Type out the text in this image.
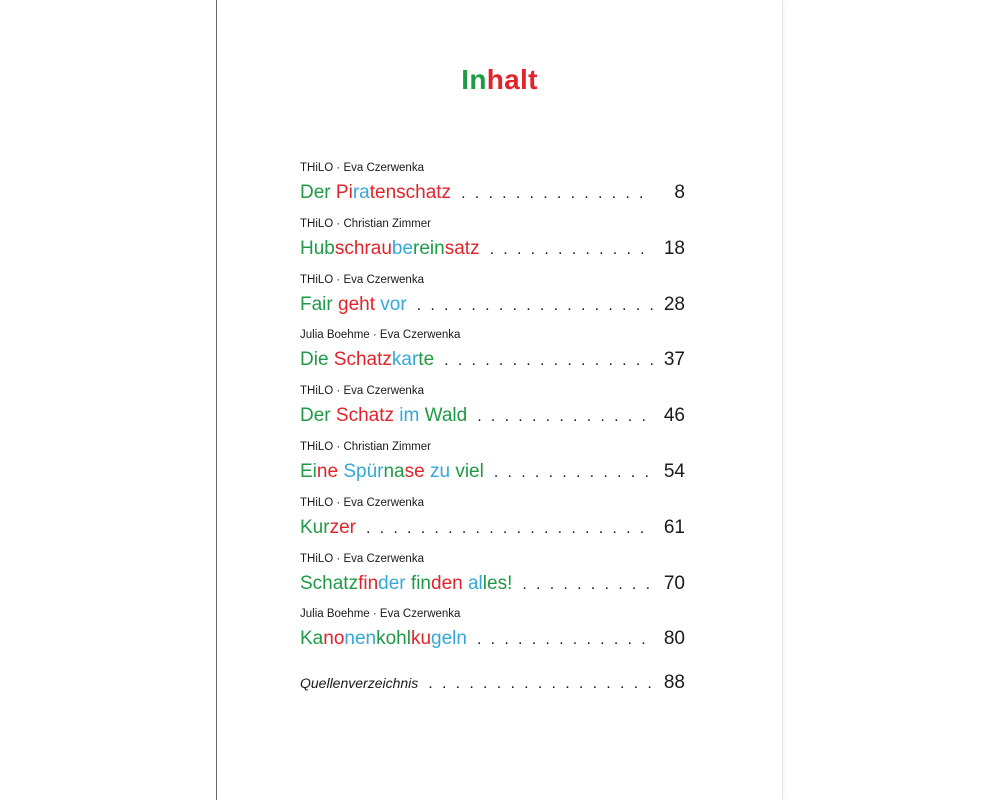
Inhalt
THiLO · Eva Czerwenka
Der Piratenschatz . . .	8
THiLO · Christian Zimmer
Hubschraubereinsatz . . .	18
THiLO · Eva Czerwenka
Fair geht vor . . .	28
Julia Boehme · Eva Czerwenka
Die Schatzkarte . . .	37
THiLO · Eva Czerwenka
Der Schatz im Wald . . .	46
THiLO · Christian Zimmer
Eine Spürnase zu viel . . .	54
THiLO · Eva Czerwenka
Kurzer . . .	61
THiLO · Eva Czerwenka
Schatzfinder finden alles! . . .	70
Julia Boehme · Eva Czerwenka
Kanonenkohlkugeln . . .	80
Quellenverzeichnis . . .	88
